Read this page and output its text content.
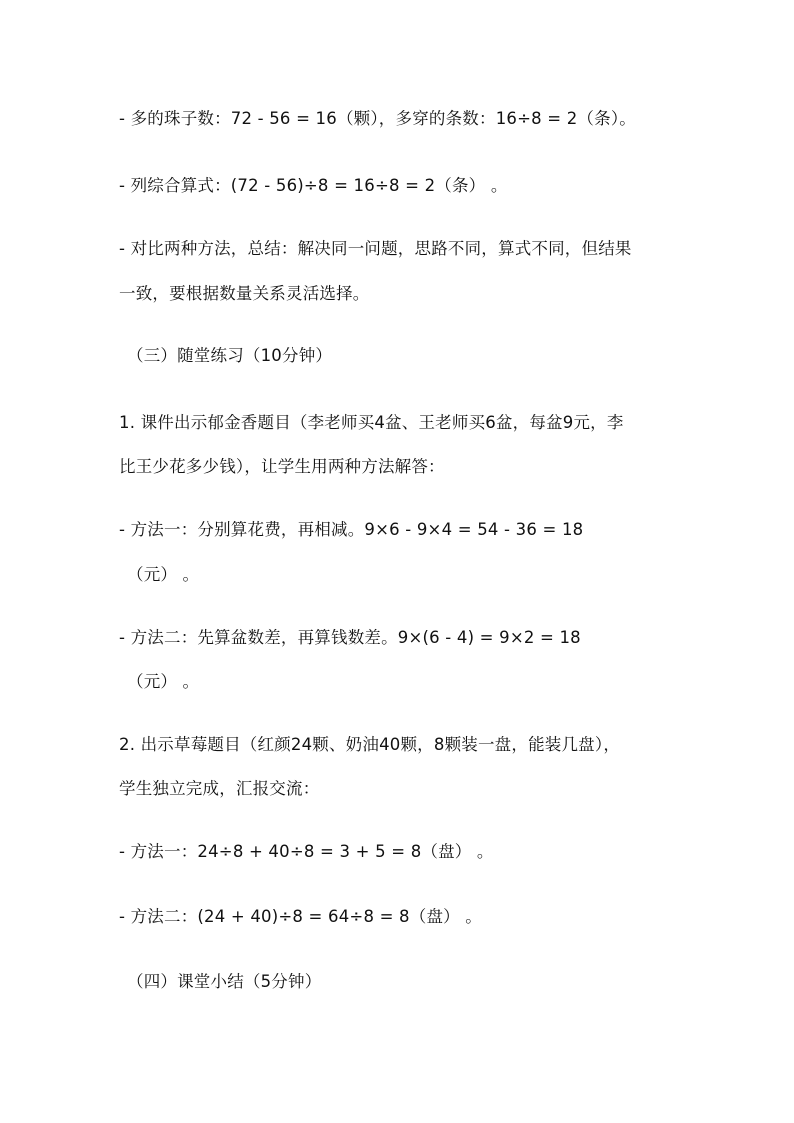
- 多的珠子数：72 - 56 = 16（颗），多穿的条数：16÷8 = 2（条）。
- 列综合算式：(72 - 56)÷8 = 16÷8 = 2（条） 。
- 对比两种方法，总结：解决同一问题，思路不同，算式不同，但结果
一致，要根据数量关系灵活选择。
（三）随堂练习（10分钟）
1. 课件出示郁金香题目（李老师买4盆、王老师买6盆，每盆9元，李
比王少花多少钱），让学生用两种方法解答：
- 方法一：分别算花费，再相减。9×6 - 9×4 = 54 - 36 = 18
（元） 。
- 方法二：先算盆数差，再算钱数差。9×(6 - 4) = 9×2 = 18
（元） 。
2. 出示草莓题目（红颜24颗、奶油40颗，8颗装一盘，能装几盘），
学生独立完成，汇报交流：
- 方法一：24÷8 + 40÷8 = 3 + 5 = 8（盘） 。
- 方法二：(24 + 40)÷8 = 64÷8 = 8（盘） 。
（四）课堂小结（5分钟）
